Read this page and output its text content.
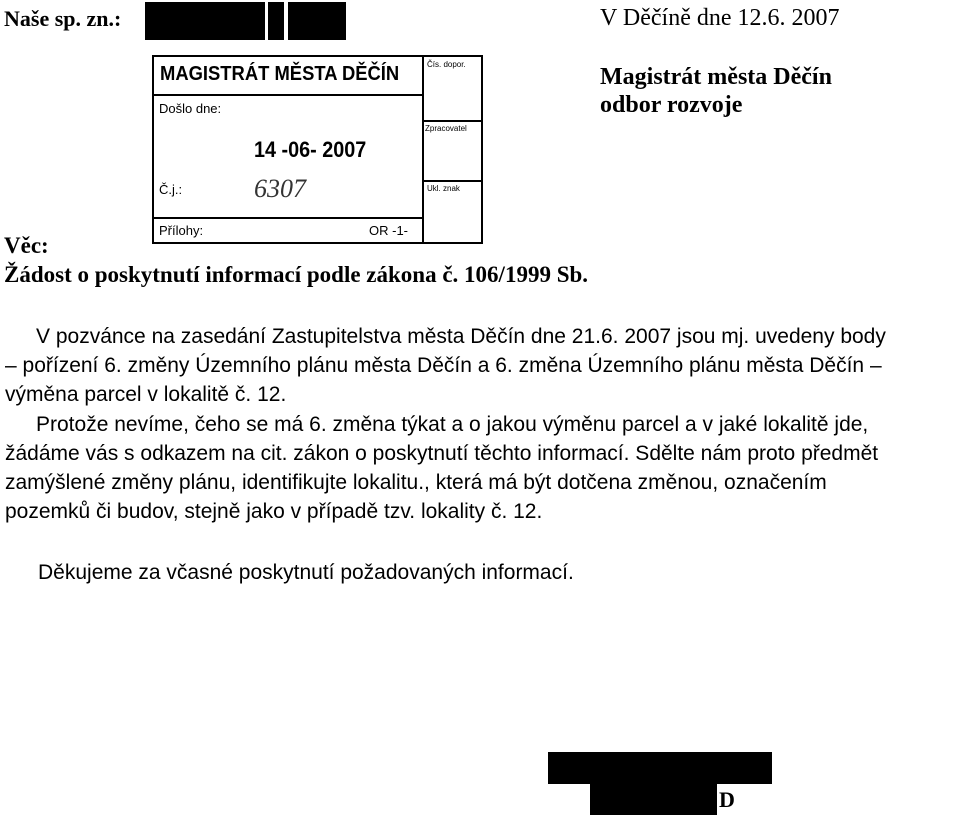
Naše sp. zn.:	V Děčíně dne 12.6. 2007
Magistrát města Děčín
odbor rozvoje
MAGISTRÁT MĚSTA DĚČÍN
Došlo dne:
14 -06- 2007
Č.j.:	6307
Přílohy:	OR -1-
Čís. dopor.
Zpracovatel
Ukl. znak
Věc:
Žádost o poskytnutí informací podle zákona č. 106/1999 Sb.
V pozvánce na zasedání Zastupitelstva města Děčín dne 21.6. 2007 jsou mj. uvedeny body
– pořízení 6. změny Územního plánu města Děčín a 6. změna Územního plánu města Děčín –
výměna parcel v lokalitě č. 12.
Protože nevíme, čeho se má 6. změna týkat a o jakou výměnu parcel a v jaké lokalitě jde,
žádáme vás s odkazem na cit. zákon o poskytnutí těchto informací. Sdělte nám proto předmět
zamýšlené změny plánu, identifikujte lokalitu., která má být dotčena změnou, označením
pozemků či budov, stejně jako v případě tzv. lokality č. 12.
Děkujeme za včasné poskytnutí požadovaných informací.
D
